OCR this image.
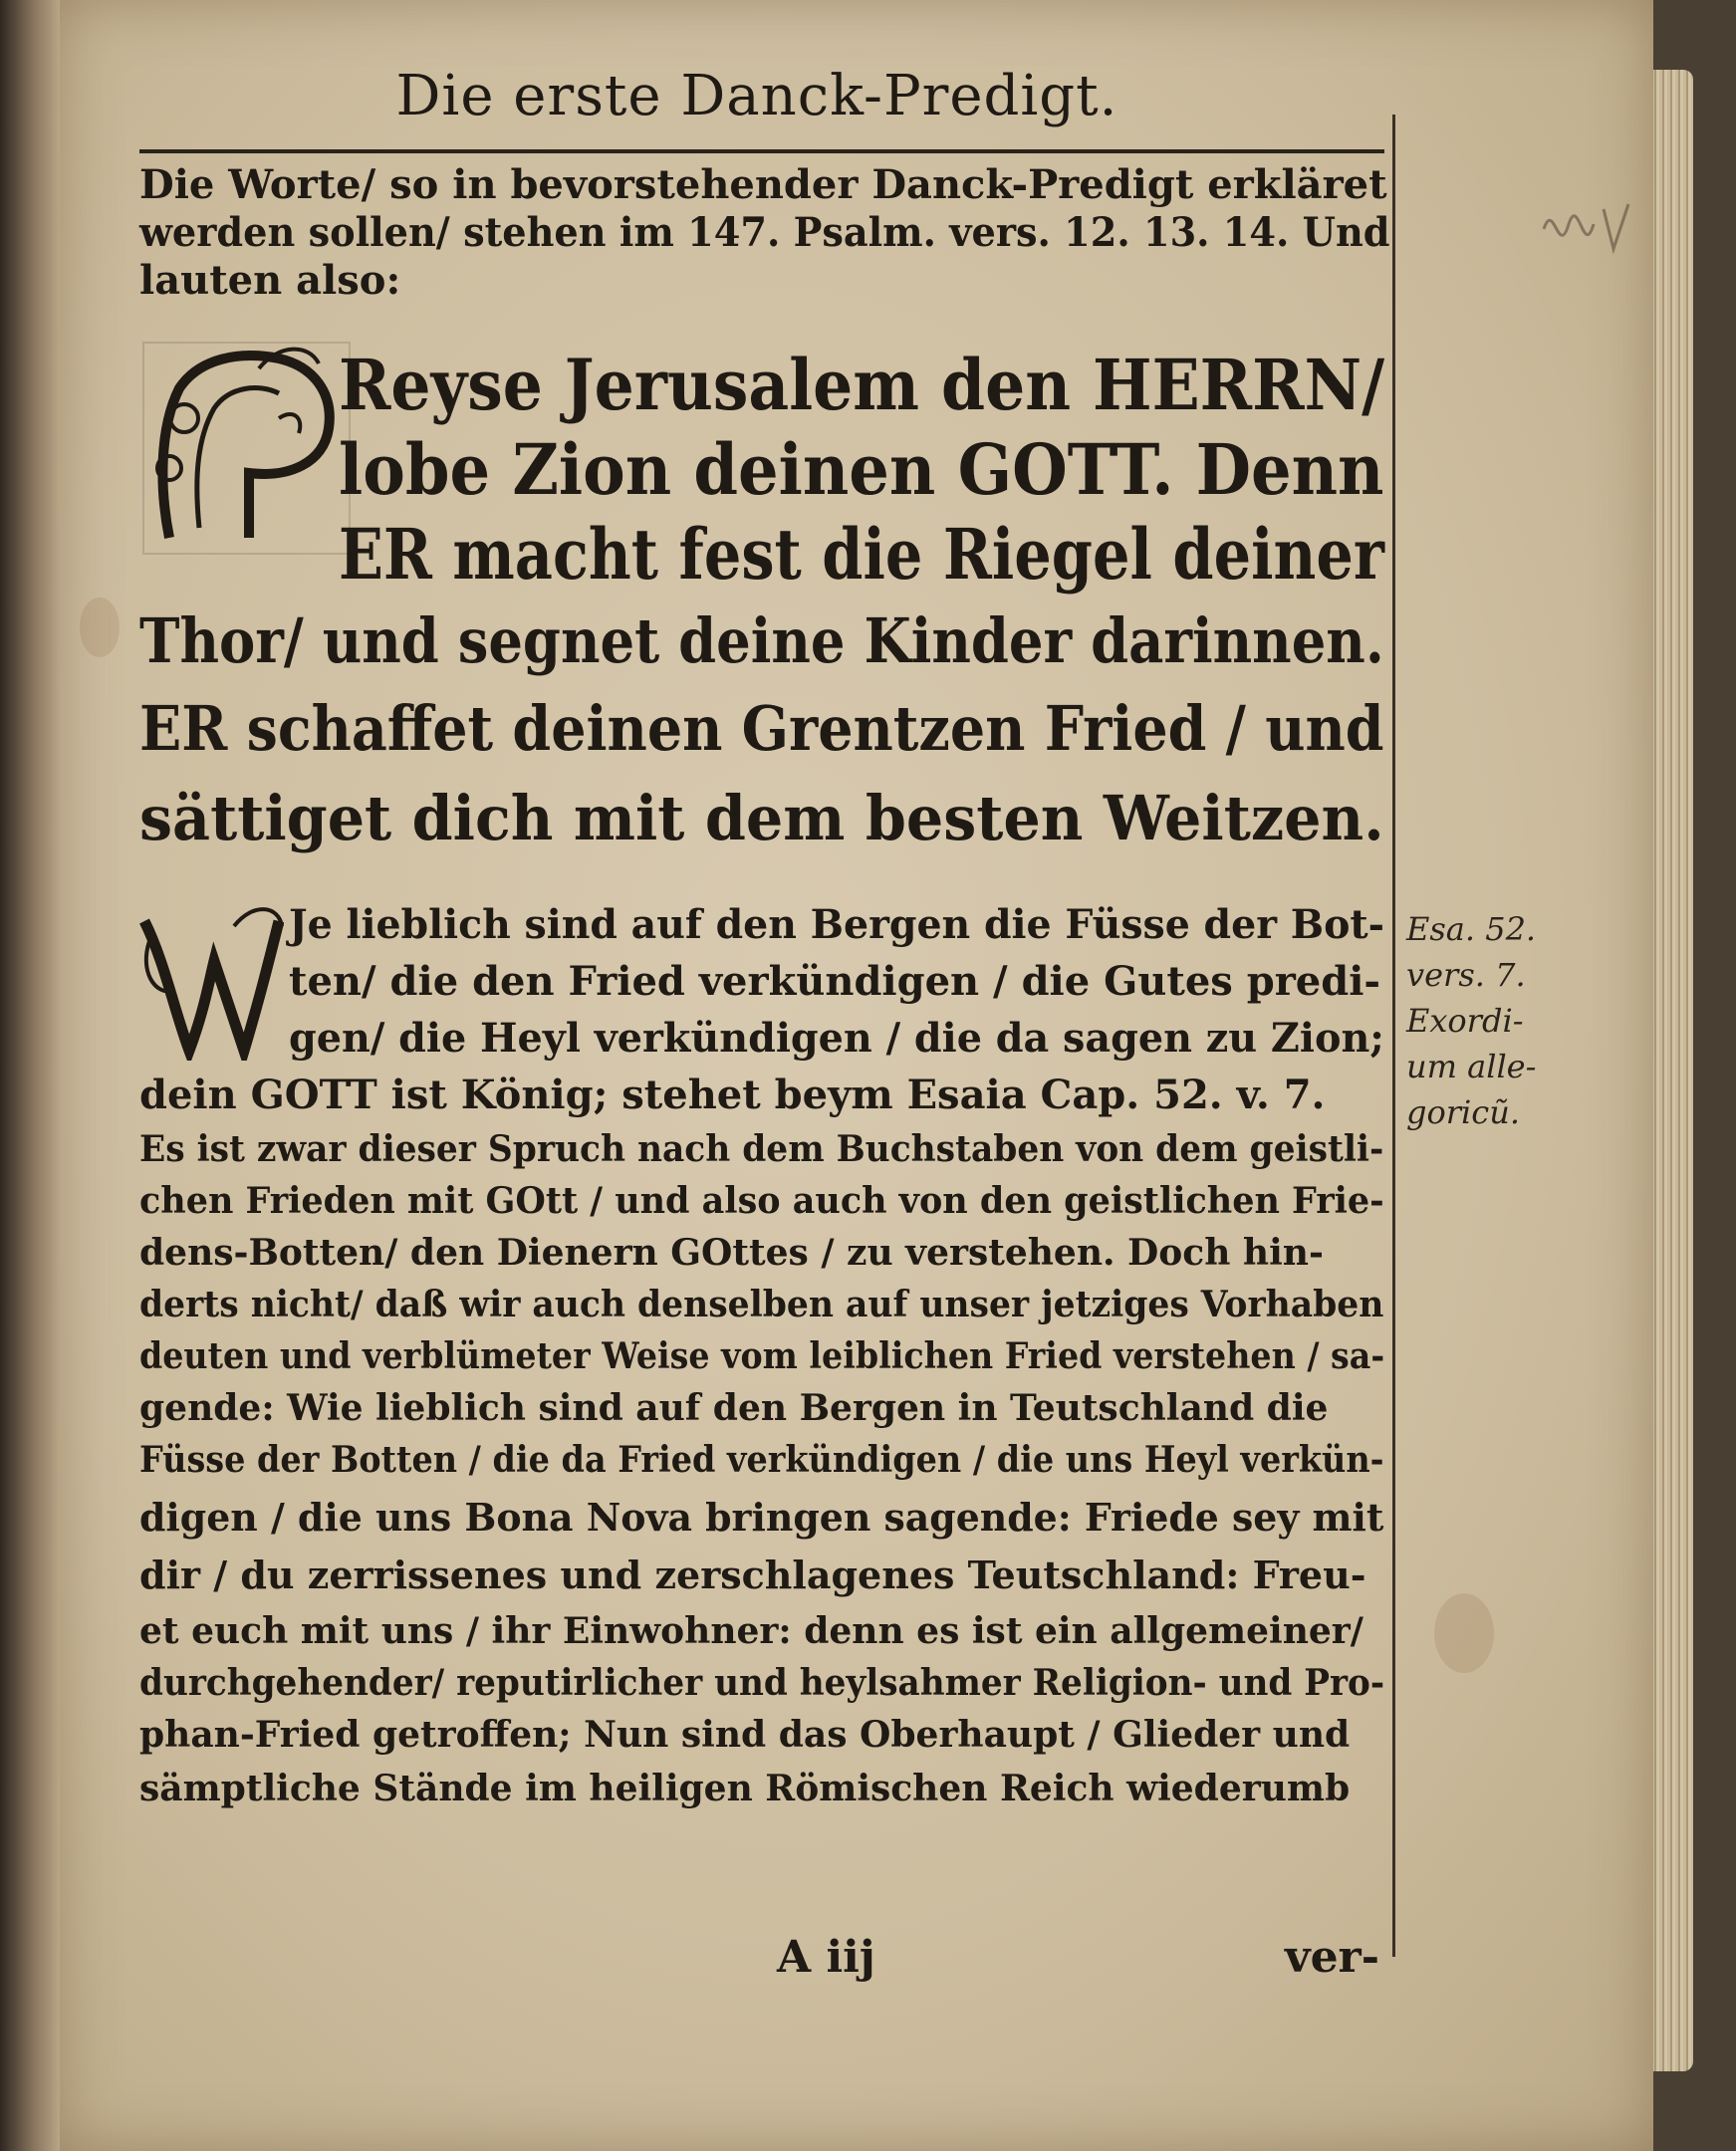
Die erste Danck-Predigt.
Die Worte/ so in bevorstehender Danck-Predigt erkläret
werden sollen/ stehen im 147. Psalm. vers. 12. 13. 14. Und
lauten also:
Reyse Jerusalem den HERRN/
lobe Zion deinen GOTT. Denn
ER macht fest die Riegel deiner
Thor/ und segnet deine Kinder darinnen.
ER schaffet deinen Grentzen Fried / und
sättiget dich mit dem besten Weitzen.
Je lieblich sind auf den Bergen die Füsse der Bot-
ten/ die den Fried verkündigen / die Gutes predi-
gen/ die Heyl verkündigen / die da sagen zu Zion;
dein GOTT ist König; stehet beym Esaia Cap. 52. v. 7.
Es ist zwar dieser Spruch nach dem Buchstaben von dem geistli-
chen Frieden mit GOtt / und also auch von den geistlichen Frie-
dens-Botten/ den Dienern GOttes / zu verstehen. Doch hin-
derts nicht/ daß wir auch denselben auf unser jetziges Vorhaben
deuten und verblümeter Weise vom leiblichen Fried verstehen / sa-
gende: Wie lieblich sind auf den Bergen in Teutschland die
Füsse der Botten / die da Fried verkündigen / die uns Heyl verkün-
digen / die uns Bona Nova bringen sagende: Friede sey mit
dir / du zerrissenes und zerschlagenes Teutschland: Freu-
et euch mit uns / ihr Einwohner: denn es ist ein allgemeiner/
durchgehender/ reputirlicher und heylsahmer Religion- und Pro-
phan-Fried getroffen; Nun sind das Oberhaupt / Glieder und
sämptliche Stände im heiligen Römischen Reich wiederumb
Esa. 52.
vers. 7.
Exordi-
um alle-
goricũ.
A iij	ver-
